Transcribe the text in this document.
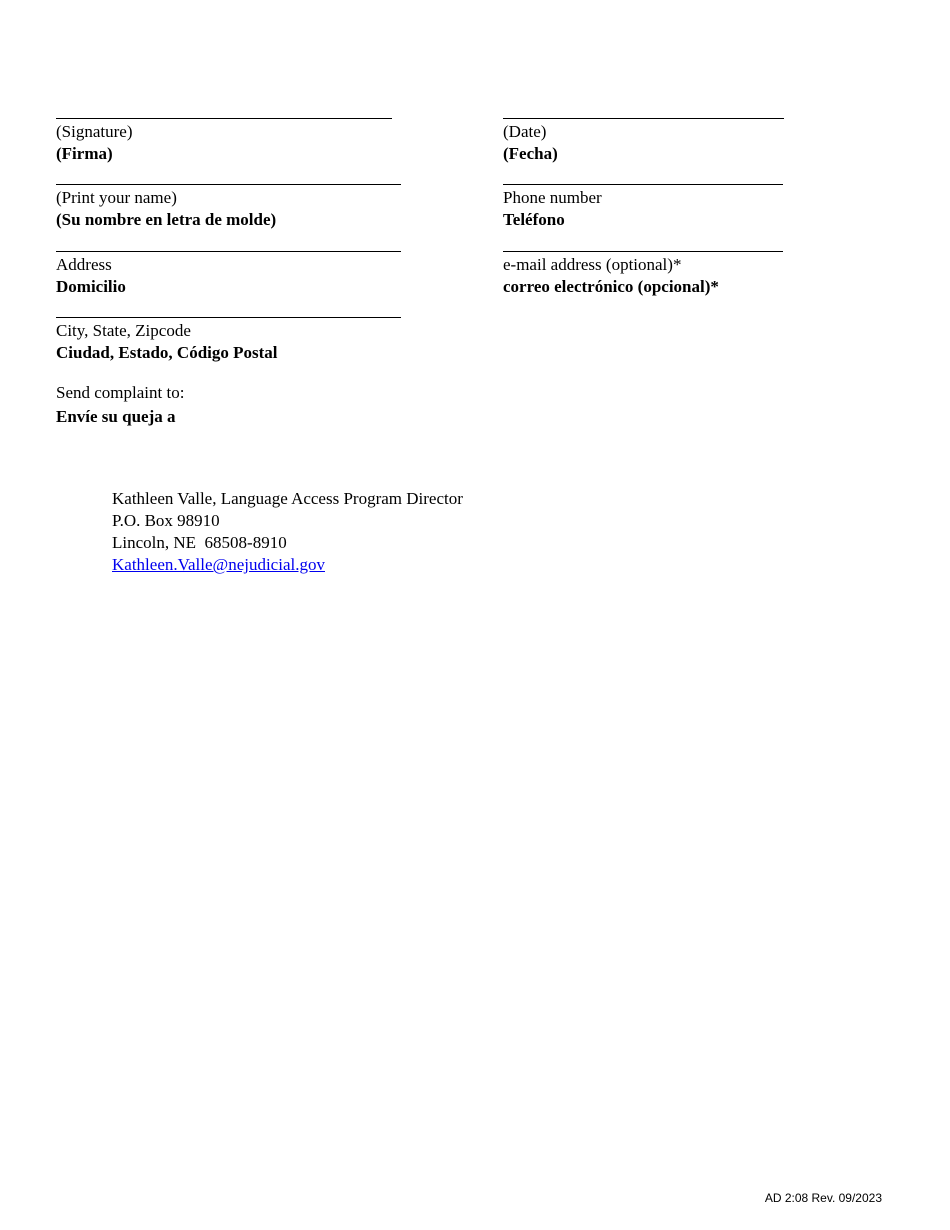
(Signature)
(Firma)
(Date)
(Fecha)
(Print your name)
(Su nombre en letra de molde)
Phone number
Teléfono
Address
Domicilio
e-mail address (optional)*
correo electrónico (opcional)*
City, State, Zipcode
Ciudad, Estado, Código Postal
Send complaint to:
Envíe su queja a
Kathleen Valle, Language Access Program Director
P.O. Box 98910
Lincoln, NE  68508-8910
Kathleen.Valle@nejudicial.gov
AD 2:08 Rev. 09/2023
